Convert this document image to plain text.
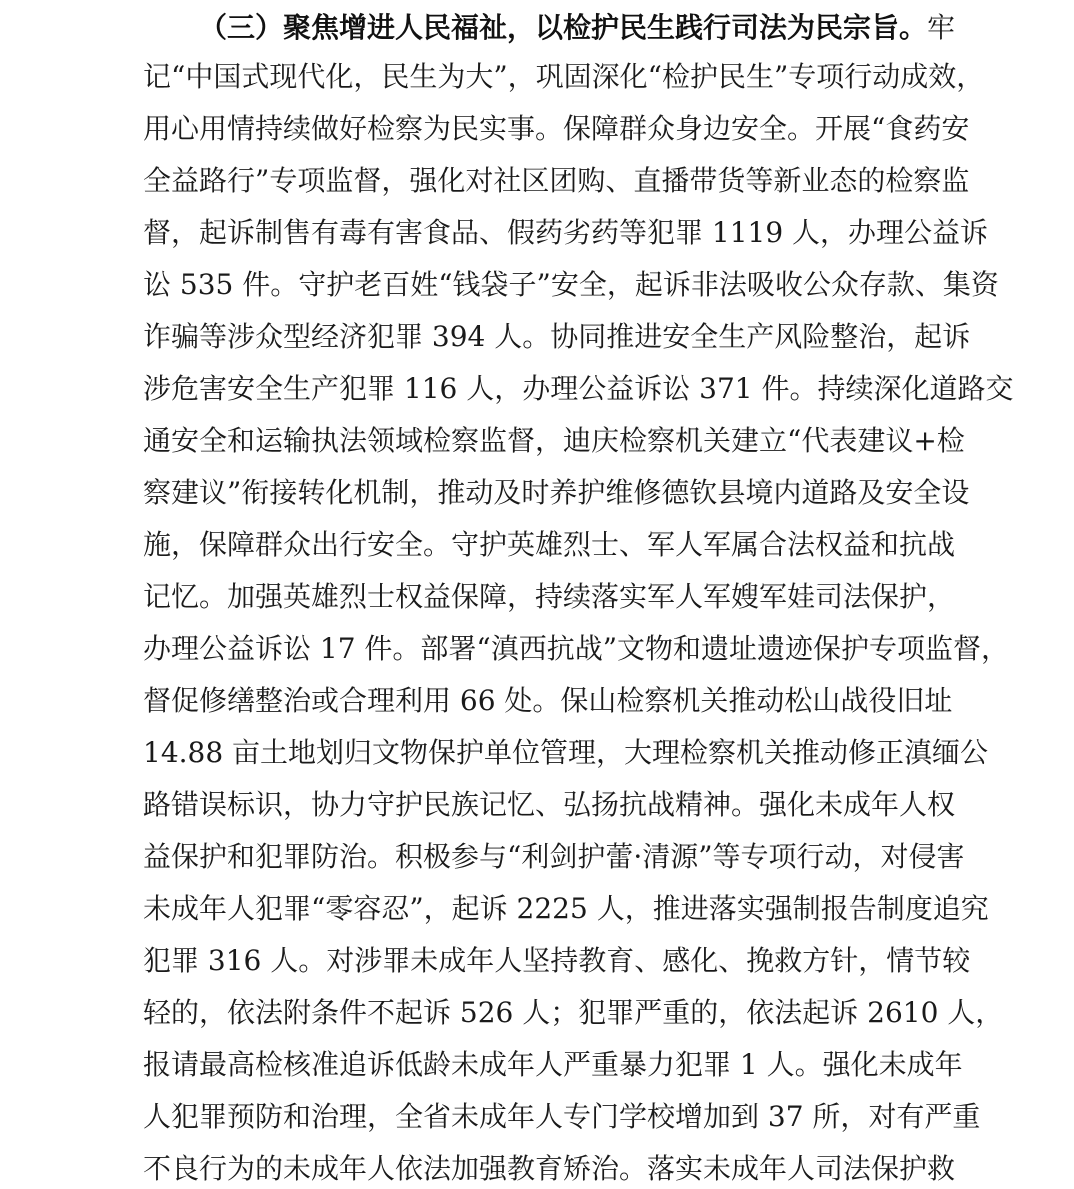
（三）聚焦增进人民福祉，以检护民生践行司法为民宗旨。牢
记“中国式现代化，民生为大”，巩固深化“检护民生”专项行动成效，
用心用情持续做好检察为民实事。保障群众身边安全。开展“食药安
全益路行”专项监督，强化对社区团购、直播带货等新业态的检察监
督，起诉制售有毒有害食品、假药劣药等犯罪 1119 人，办理公益诉
讼 535 件。守护老百姓“钱袋子”安全，起诉非法吸收公众存款、集资
诈骗等涉众型经济犯罪 394 人。协同推进安全生产风险整治，起诉
涉危害安全生产犯罪 116 人，办理公益诉讼 371 件。持续深化道路交
通安全和运输执法领域检察监督，迪庆检察机关建立“代表建议+检
察建议”衔接转化机制，推动及时养护维修德钦县境内道路及安全设
施，保障群众出行安全。守护英雄烈士、军人军属合法权益和抗战
记忆。加强英雄烈士权益保障，持续落实军人军嫂军娃司法保护，
办理公益诉讼 17 件。部署“滇西抗战”文物和遗址遗迹保护专项监督，
督促修缮整治或合理利用 66 处。保山检察机关推动松山战役旧址
14.88 亩土地划归文物保护单位管理，大理检察机关推动修正滇缅公
路错误标识，协力守护民族记忆、弘扬抗战精神。强化未成年人权
益保护和犯罪防治。积极参与“利剑护蕾·清源”等专项行动，对侵害
未成年人犯罪“零容忍”，起诉 2225 人，推进落实强制报告制度追究
犯罪 316 人。对涉罪未成年人坚持教育、感化、挽救方针，情节较
轻的，依法附条件不起诉 526 人；犯罪严重的，依法起诉 2610 人，
报请最高检核准追诉低龄未成年人严重暴力犯罪 1 人。强化未成年
人犯罪预防和治理，全省未成年人专门学校增加到 37 所，对有严重
不良行为的未成年人依法加强教育矫治。落实未成年人司法保护救
